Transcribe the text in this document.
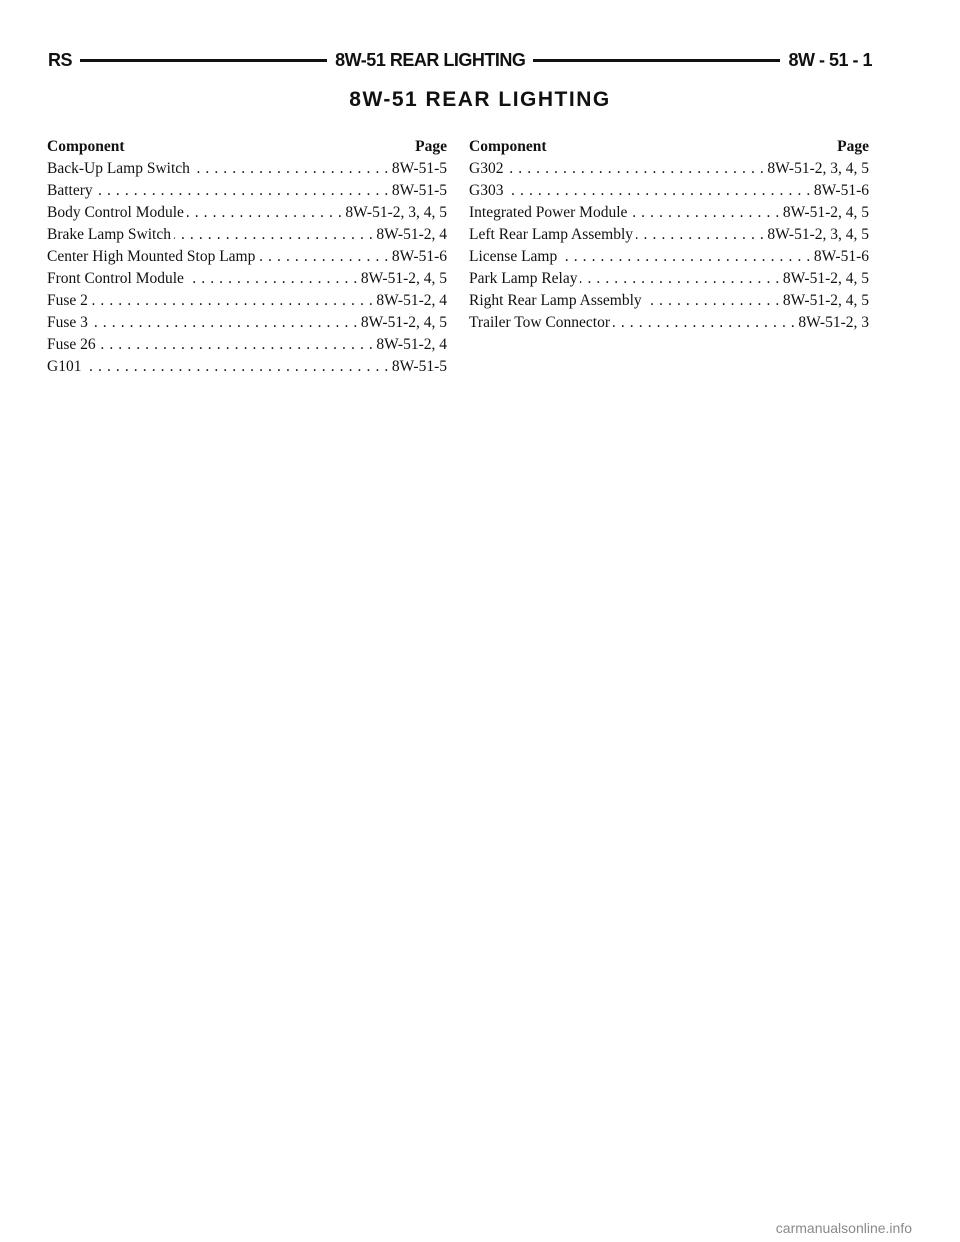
RS	8W-51 REAR LIGHTING	8W - 51 - 1
8W-51 REAR LIGHTING
Component	Page
Back-Up Lamp Switch . . .	8W-51-5
Battery . . .	8W-51-5
Body Control Module . . .	8W-51-2, 3, 4, 5
Brake Lamp Switch . . .	8W-51-2, 4
Center High Mounted Stop Lamp . . .	8W-51-6
Front Control Module . . .	8W-51-2, 4, 5
Fuse 2 . . .	8W-51-2, 4
Fuse 3 . . .	8W-51-2, 4, 5
Fuse 26 . . .	8W-51-2, 4
G101 . . .	8W-51-5
Component	Page
G302 . . .	8W-51-2, 3, 4, 5
G303 . . .	8W-51-6
Integrated Power Module . . .	8W-51-2, 4, 5
Left Rear Lamp Assembly . . .	8W-51-2, 3, 4, 5
License Lamp . . .	8W-51-6
Park Lamp Relay . . .	8W-51-2, 4, 5
Right Rear Lamp Assembly . . .	8W-51-2, 4, 5
Trailer Tow Connector . . .	8W-51-2, 3
carmanualsonline.info
